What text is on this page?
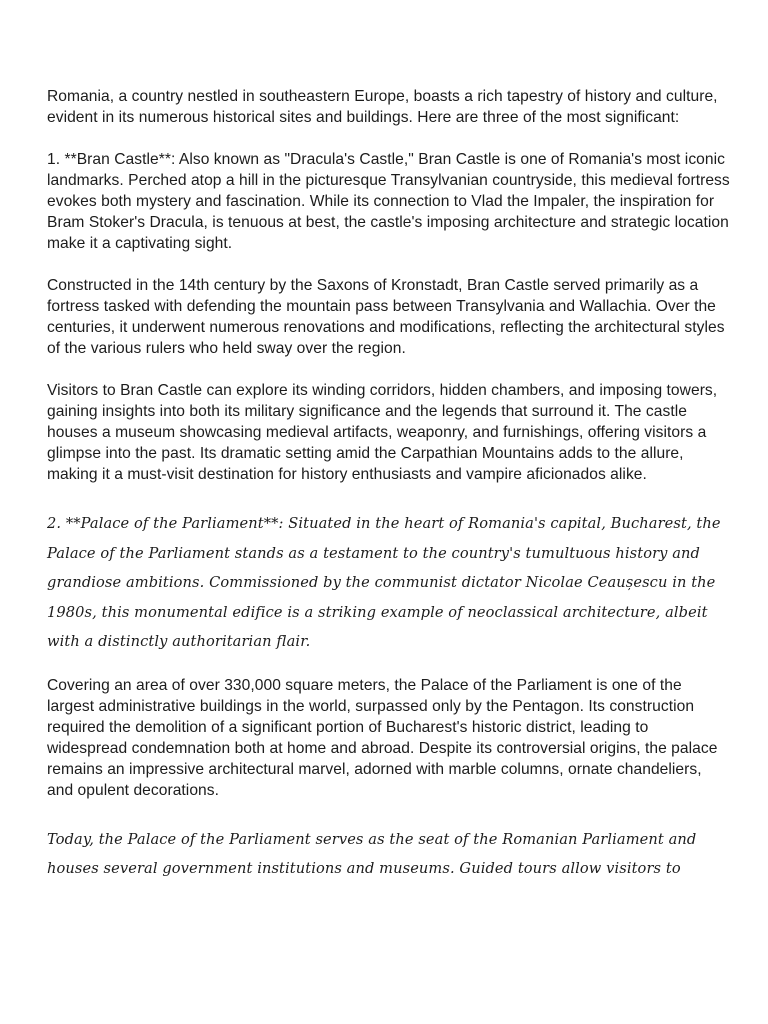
Romania, a country nestled in southeastern Europe, boasts a rich tapestry of history and culture, evident in its numerous historical sites and buildings. Here are three of the most significant:

1. **Bran Castle**: Also known as "Dracula's Castle," Bran Castle is one of Romania's most iconic landmarks. Perched atop a hill in the picturesque Transylvanian countryside, this medieval fortress evokes both mystery and fascination. While its connection to Vlad the Impaler, the inspiration for Bram Stoker's Dracula, is tenuous at best, the castle's imposing architecture and strategic location make it a captivating sight.

Constructed in the 14th century by the Saxons of Kronstadt, Bran Castle served primarily as a fortress tasked with defending the mountain pass between Transylvania and Wallachia. Over the centuries, it underwent numerous renovations and modifications, reflecting the architectural styles of the various rulers who held sway over the region.

Visitors to Bran Castle can explore its winding corridors, hidden chambers, and imposing towers, gaining insights into both its military significance and the legends that surround it. The castle houses a museum showcasing medieval artifacts, weaponry, and furnishings, offering visitors a glimpse into the past. Its dramatic setting amid the Carpathian Mountains adds to the allure, making it a must-visit destination for history enthusiasts and vampire aficionados alike.

2. **Palace of the Parliament**: Situated in the heart of Romania's capital, Bucharest, the Palace of the Parliament stands as a testament to the country's tumultuous history and grandiose ambitions. Commissioned by the communist dictator Nicolae Ceaușescu in the 1980s, this monumental edifice is a striking example of neoclassical architecture, albeit with a distinctly authoritarian flair.

Covering an area of over 330,000 square meters, the Palace of the Parliament is one of the largest administrative buildings in the world, surpassed only by the Pentagon. Its construction required the demolition of a significant portion of Bucharest's historic district, leading to widespread condemnation both at home and abroad. Despite its controversial origins, the palace remains an impressive architectural marvel, adorned with marble columns, ornate chandeliers, and opulent decorations.

Today, the Palace of the Parliament serves as the seat of the Romanian Parliament and houses several government institutions and museums. Guided tours allow visitors to
